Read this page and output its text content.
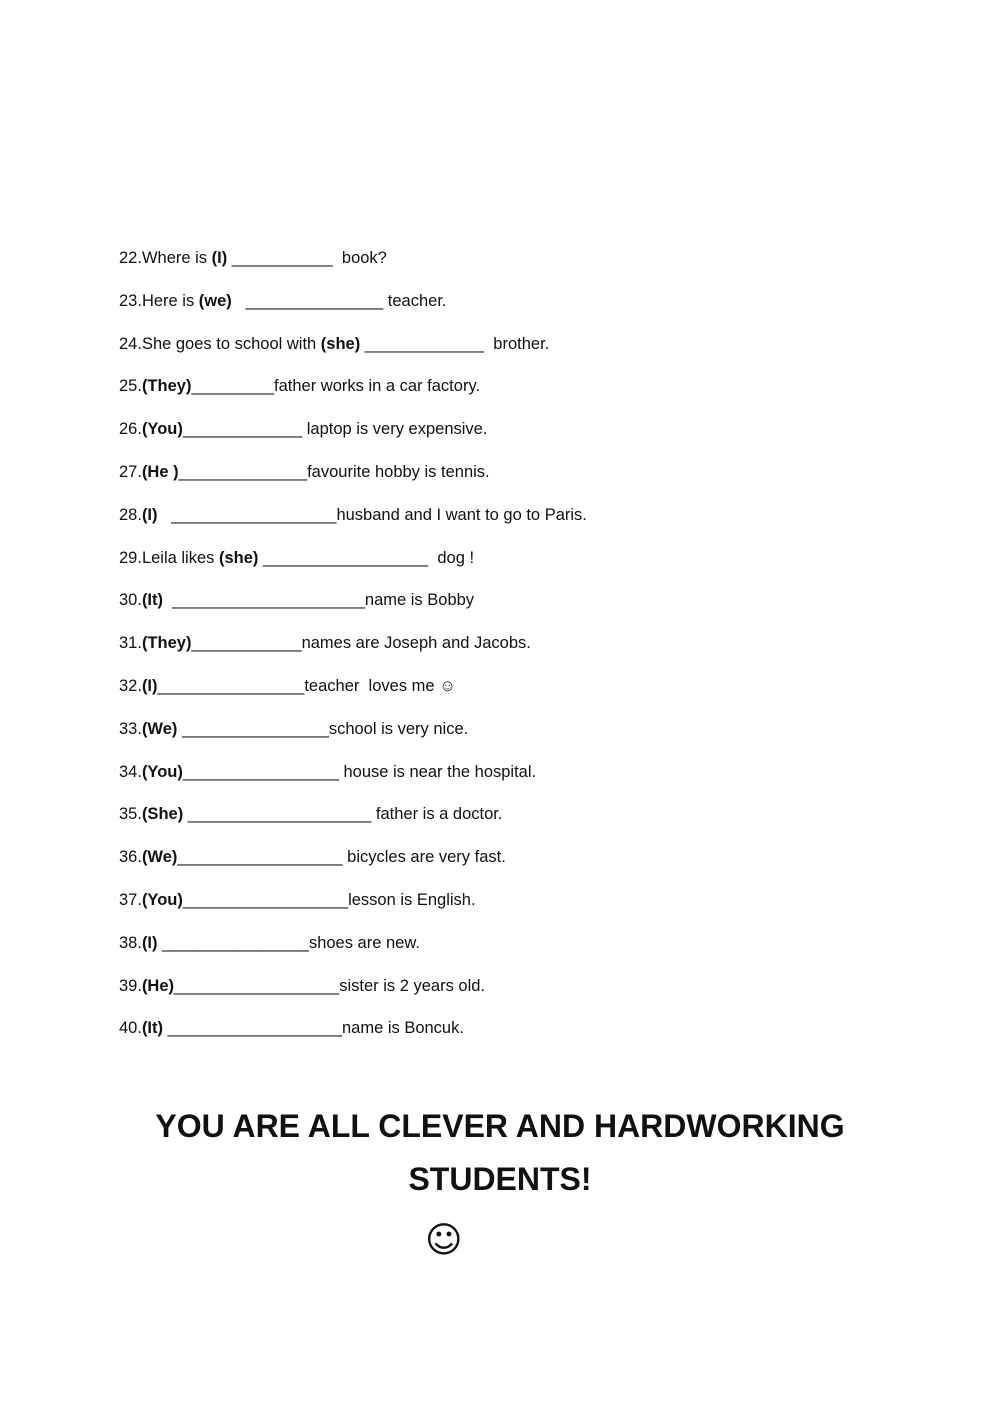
22.Where is (I) ___________  book?
23.Here is (we)   _______________ teacher.
24.She goes to school with (she) _____________  brother.
25.(They)_________father works in a car factory.
26.(You)_____________ laptop is very expensive.
27.(He )______________favourite hobby is tennis.
28.(I)   __________________husband and I want to go to Paris.
29.Leila likes (she) __________________  dog !
30.(It)  _____________________name is Bobby
31.(They)____________names are Joseph and Jacobs.
32.(I)________________teacher  loves me ☺
33.(We) ________________school is very nice.
34.(You)_________________ house is near the hospital.
35.(She) ____________________ father is a doctor.
36.(We)__________________ bicycles are very fast.
37.(You)__________________lesson is English.
38.(I) ________________shoes are new.
39.(He)__________________sister is 2 years old.
40.(It) ___________________name is Boncuk.
YOU ARE ALL CLEVER AND HARDWORKING
STUDENTS!
☺
